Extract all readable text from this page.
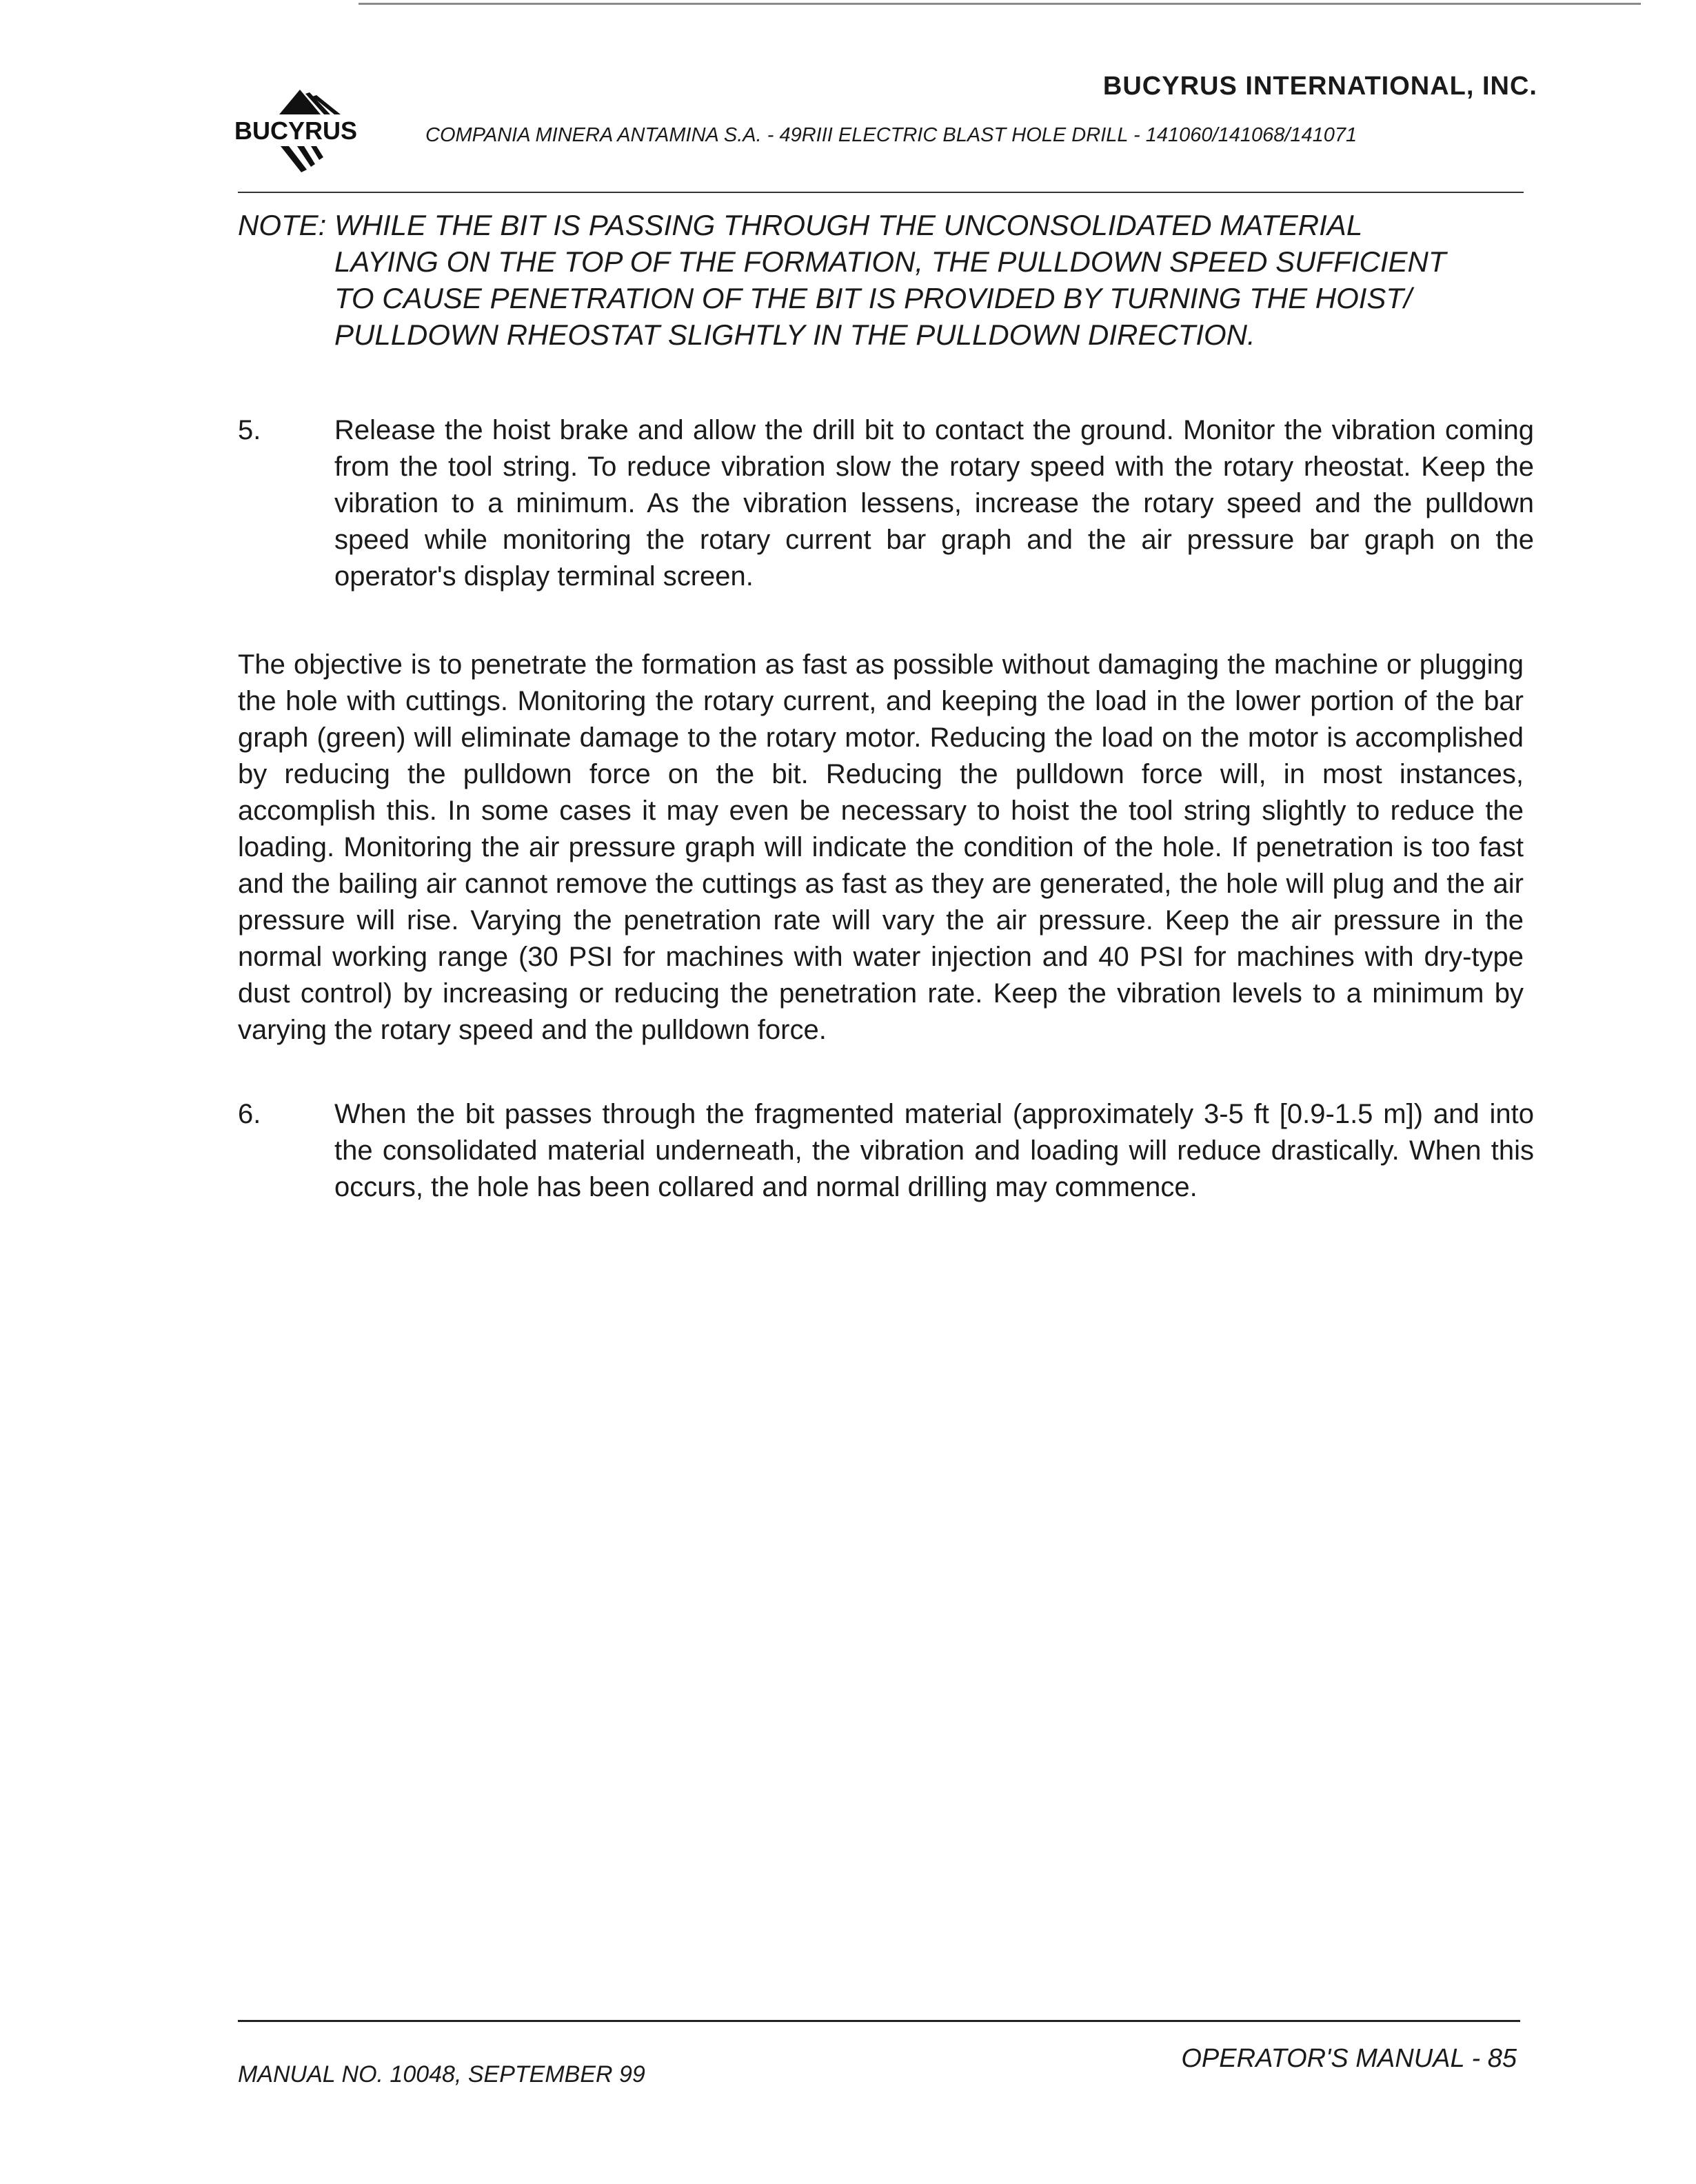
BUCYRUS INTERNATIONAL, INC.
BUCYRUS	COMPANIA MINERA ANTAMINA S.A. - 49RIII ELECTRIC BLAST HOLE DRILL - 141060/141068/141071
NOTE: WHILE THE BIT IS PASSING THROUGH THE UNCONSOLIDATED MATERIAL
LAYING ON THE TOP OF THE FORMATION, THE PULLDOWN SPEED SUFFICIENT
TO CAUSE PENETRATION OF THE BIT IS PROVIDED BY TURNING THE HOIST/
PULLDOWN RHEOSTAT SLIGHTLY IN THE PULLDOWN DIRECTION.
5.	Release the hoist brake and allow the drill bit to contact the ground. Monitor the vibration coming from the tool string. To reduce vibration slow the rotary speed with the rotary rheostat. Keep the vibration to a minimum. As the vibration lessens, increase the rotary speed and the pulldown speed while monitoring the rotary current bar graph and the air pressure bar graph on the operator's display terminal screen.
The objective is to penetrate the formation as fast as possible without damaging the machine or plugging the hole with cuttings. Monitoring the rotary current, and keeping the load in the lower portion of the bar graph (green) will eliminate damage to the rotary motor. Reducing the load on the motor is accomplished by reducing the pulldown force on the bit. Reducing the pulldown force will, in most instances, accomplish this. In some cases it may even be necessary to hoist the tool string slightly to reduce the loading. Monitoring the air pressure graph will indicate the condition of the hole. If penetration is too fast and the bailing air cannot remove the cuttings as fast as they are generated, the hole will plug and the air pressure will rise. Varying the penetration rate will vary the air pressure. Keep the air pressure in the normal working range (30 PSI for machines with water injection and 40 PSI for machines with dry-type dust control) by increasing or reducing the penetration rate. Keep the vibration levels to a minimum by varying the rotary speed and the pulldown force.
6.	When the bit passes through the fragmented material (approximately 3-5 ft [0.9-1.5 m]) and into the consolidated material underneath, the vibration and loading will reduce drastically. When this occurs, the hole has been collared and normal drilling may commence.
MANUAL NO. 10048, SEPTEMBER 99
OPERATOR'S MANUAL - 85
